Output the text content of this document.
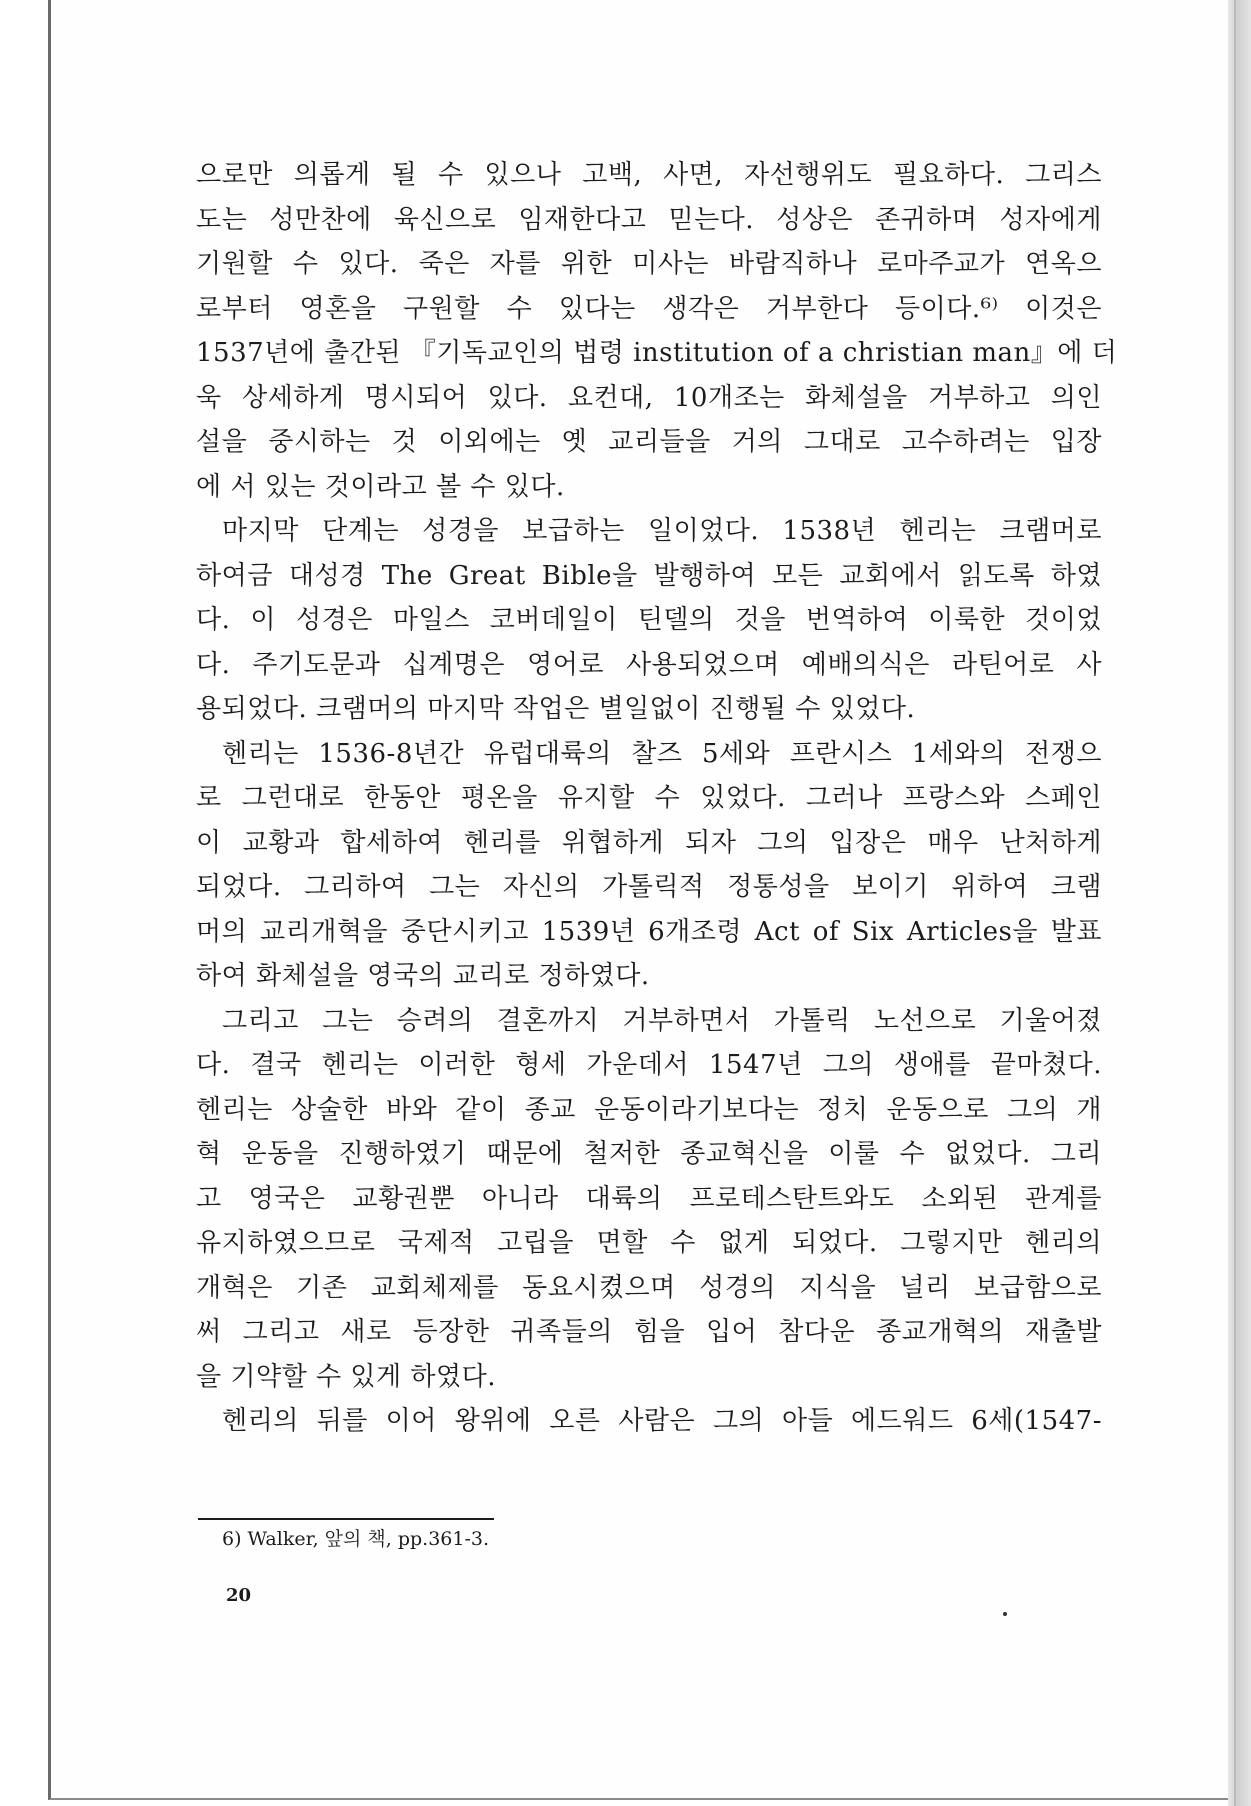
으로만 의롭게 될 수 있으나 고백, 사면, 자선행위도 필요하다. 그리스
도는 성만찬에 육신으로 임재한다고 믿는다. 성상은 존귀하며 성자에게
기원할 수 있다. 죽은 자를 위한 미사는 바람직하나 로마주교가 연옥으
로부터 영혼을 구원할 수 있다는 생각은 거부한다 등이다.⁶⁾ 이것은
1537년에 출간된 『기독교인의 법령 institution of a christian man』에 더
욱 상세하게 명시되어 있다. 요컨대, 10개조는 화체설을 거부하고 의인
설을 중시하는 것 이외에는 옛 교리들을 거의 그대로 고수하려는 입장
에 서 있는 것이라고 볼 수 있다.

마지막 단계는 성경을 보급하는 일이었다. 1538년 헨리는 크램머로
하여금 대성경 The Great Bible을 발행하여 모든 교회에서 읽도록 하였
다. 이 성경은 마일스 코버데일이 틴델의 것을 번역하여 이룩한 것이었
다. 주기도문과 십계명은 영어로 사용되었으며 예배의식은 라틴어로 사
용되었다. 크램머의 마지막 작업은 별일없이 진행될 수 있었다.

헨리는 1536-8년간 유럽대륙의 찰즈 5세와 프란시스 1세와의 전쟁으
로 그런대로 한동안 평온을 유지할 수 있었다. 그러나 프랑스와 스페인
이 교황과 합세하여 헨리를 위협하게 되자 그의 입장은 매우 난처하게
되었다. 그리하여 그는 자신의 가톨릭적 정통성을 보이기 위하여 크램
머의 교리개혁을 중단시키고 1539년 6개조령 Act of Six Articles을 발표
하여 화체설을 영국의 교리로 정하였다.

그리고 그는 승려의 결혼까지 거부하면서 가톨릭 노선으로 기울어졌
다. 결국 헨리는 이러한 형세 가운데서 1547년 그의 생애를 끝마쳤다.
헨리는 상술한 바와 같이 종교 운동이라기보다는 정치 운동으로 그의 개
혁 운동을 진행하였기 때문에 철저한 종교혁신을 이룰 수 없었다. 그리
고 영국은 교황권뿐 아니라 대륙의 프로테스탄트와도 소외된 관계를
유지하였으므로 국제적 고립을 면할 수 없게 되었다. 그렇지만 헨리의
개혁은 기존 교회체제를 동요시켰으며 성경의 지식을 널리 보급함으로
써 그리고 새로 등장한 귀족들의 힘을 입어 참다운 종교개혁의 재출발
을 기약할 수 있게 하였다.

헨리의 뒤를 이어 왕위에 오른 사람은 그의 아들 에드워드 6세(1547-

6) Walker, 앞의 책, pp.361-3.
20
